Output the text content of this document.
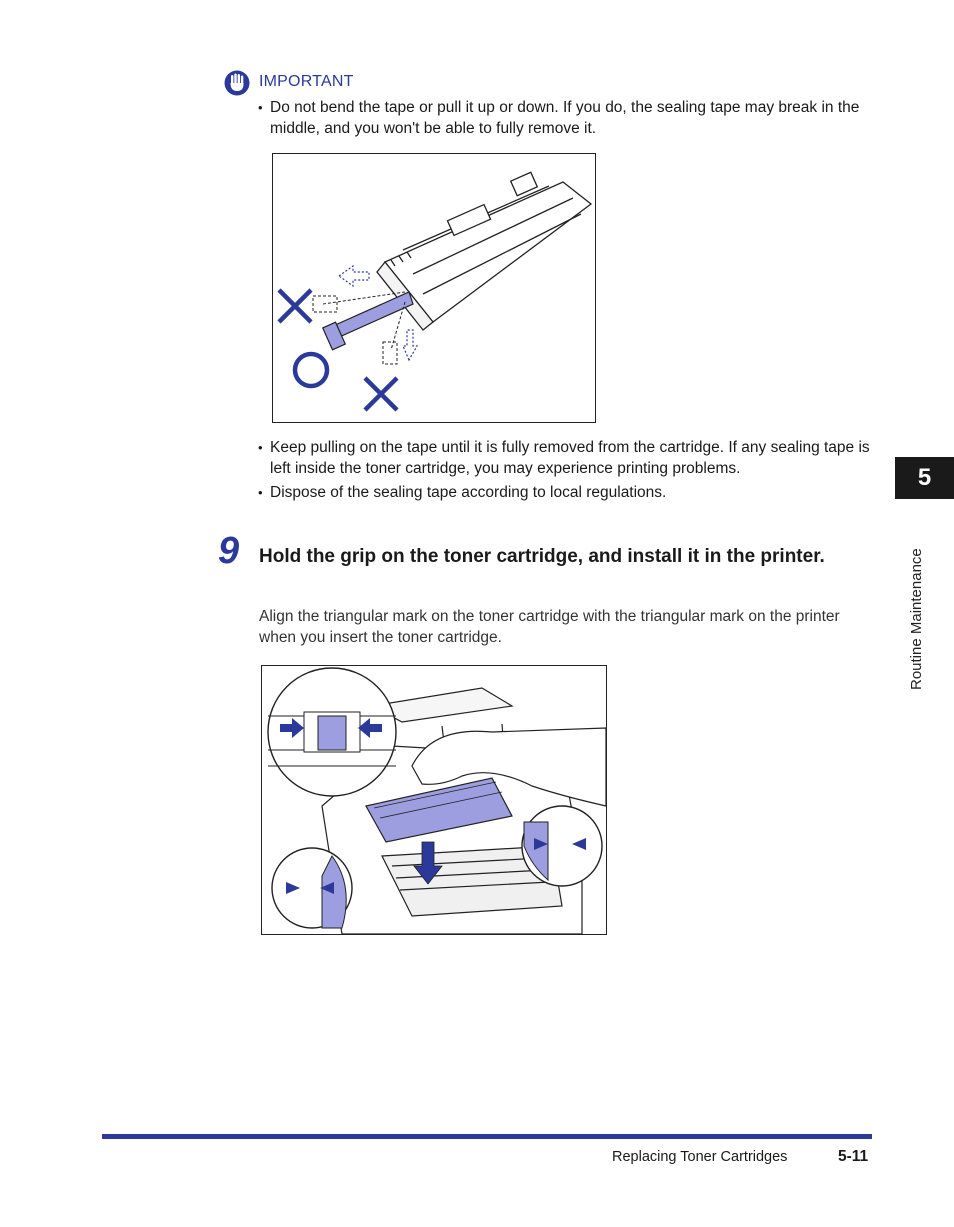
IMPORTANT
• Do not bend the tape or pull it up or down. If you do, the sealing tape may break in the middle, and you won't be able to fully remove it.
• Keep pulling on the tape until it is fully removed from the cartridge. If any sealing tape is left inside the toner cartridge, you may experience printing problems.
• Dispose of the sealing tape according to local regulations.
9 Hold the grip on the toner cartridge, and install it in the printer.
Align the triangular mark on the toner cartridge with the triangular mark on the printer when you insert the toner cartridge.
5
Routine Maintenance
Replacing Toner Cartridges	5-11
